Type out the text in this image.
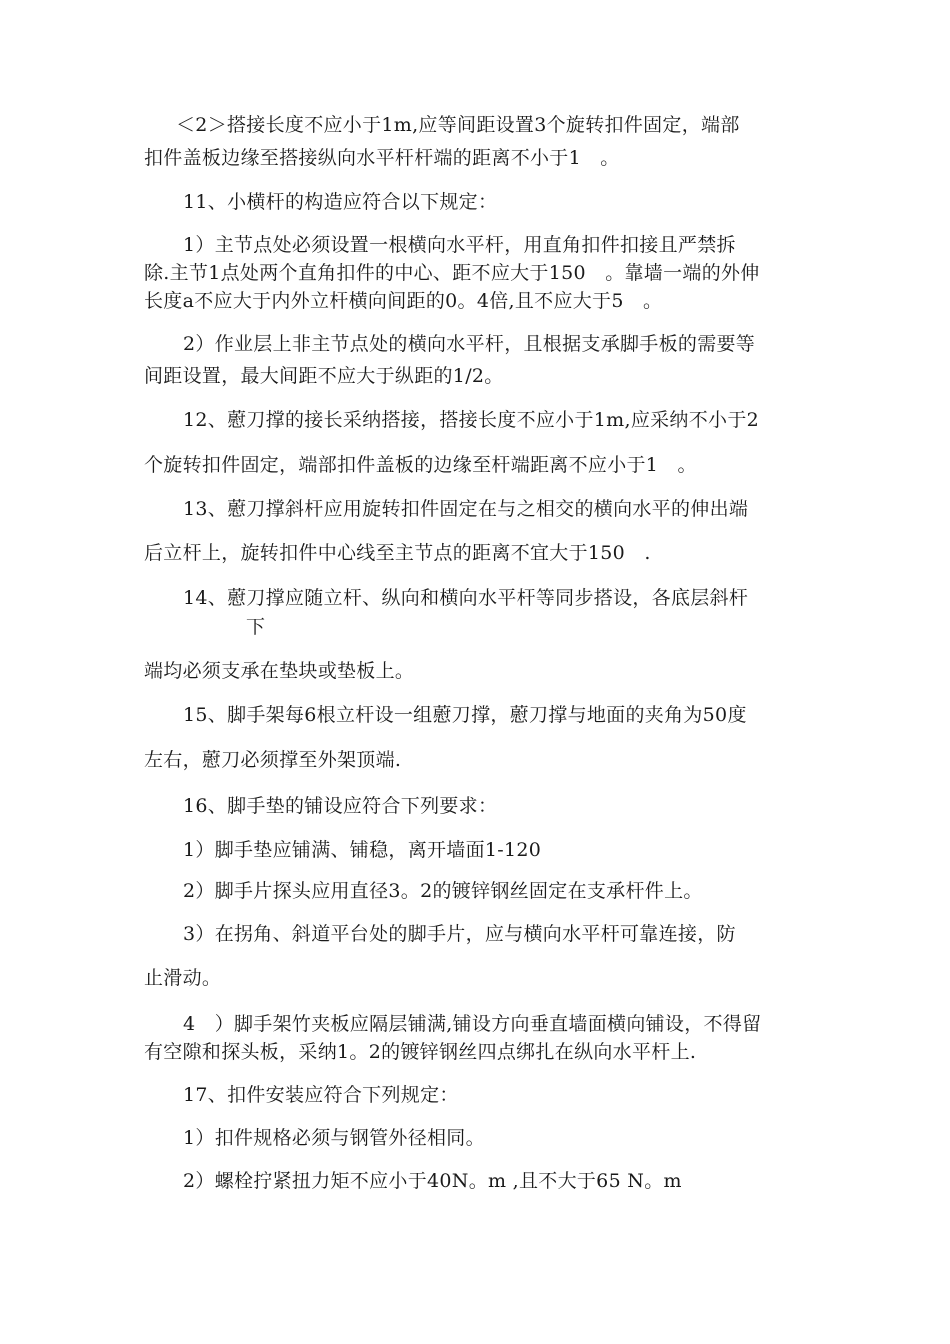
＜2＞搭接长度不应小于1m,应等间距设置3个旋转扣件固定，端部
扣件盖板边缘至搭接纵向水平杆杆端的距离不小于1　。
11、小横杆的构造应符合以下规定：
1）主节点处必须设置一根横向水平杆，用直角扣件扣接且严禁拆
除.主节1点处两个直角扣件的中心、距不应大于150　。靠墙一端的外伸
长度a不应大于内外立杆横向间距的0。4倍,且不应大于5　。
2）作业层上非主节点处的横向水平杆，且根据支承脚手板的需要等
间距设置，最大间距不应大于纵距的1/2。
12、藯刀撑的接长采纳搭接，搭接长度不应小于1m,应采纳不小于2
个旋转扣件固定，端部扣件盖板的边缘至杆端距离不应小于1　。
13、藯刀撑斜杆应用旋转扣件固定在与之相交的横向水平的伸出端
后立杆上，旋转扣件中心线至主节点的距离不宜大于150　.
14、藯刀撑应随立杆、纵向和横向水平杆等同步搭设，各底层斜杆
下
端均必须支承在垫块或垫板上。
15、脚手架每6根立杆设一组藯刀撑，藯刀撑与地面的夹角为50度
左右，藯刀必须撑至外架顶端.
16、脚手垫的铺设应符合下列要求：
1）脚手垫应铺满、铺稳，离开墙面1-120
2）脚手片探头应用直径3。2的镀锌钢丝固定在支承杆件上。
3）在拐角、斜道平台处的脚手片，应与横向水平杆可靠连接，防
止滑动。
4　）脚手架竹夹板应隔层铺满,铺设方向垂直墙面横向铺设，不得留
有空隙和探头板，采纳1。2的镀锌钢丝四点绑扎在纵向水平杆上.
17、扣件安装应符合下列规定：
1）扣件规格必须与钢管外径相同。
2）螺栓拧紧扭力矩不应小于40N。m ,且不大于65 N。m
